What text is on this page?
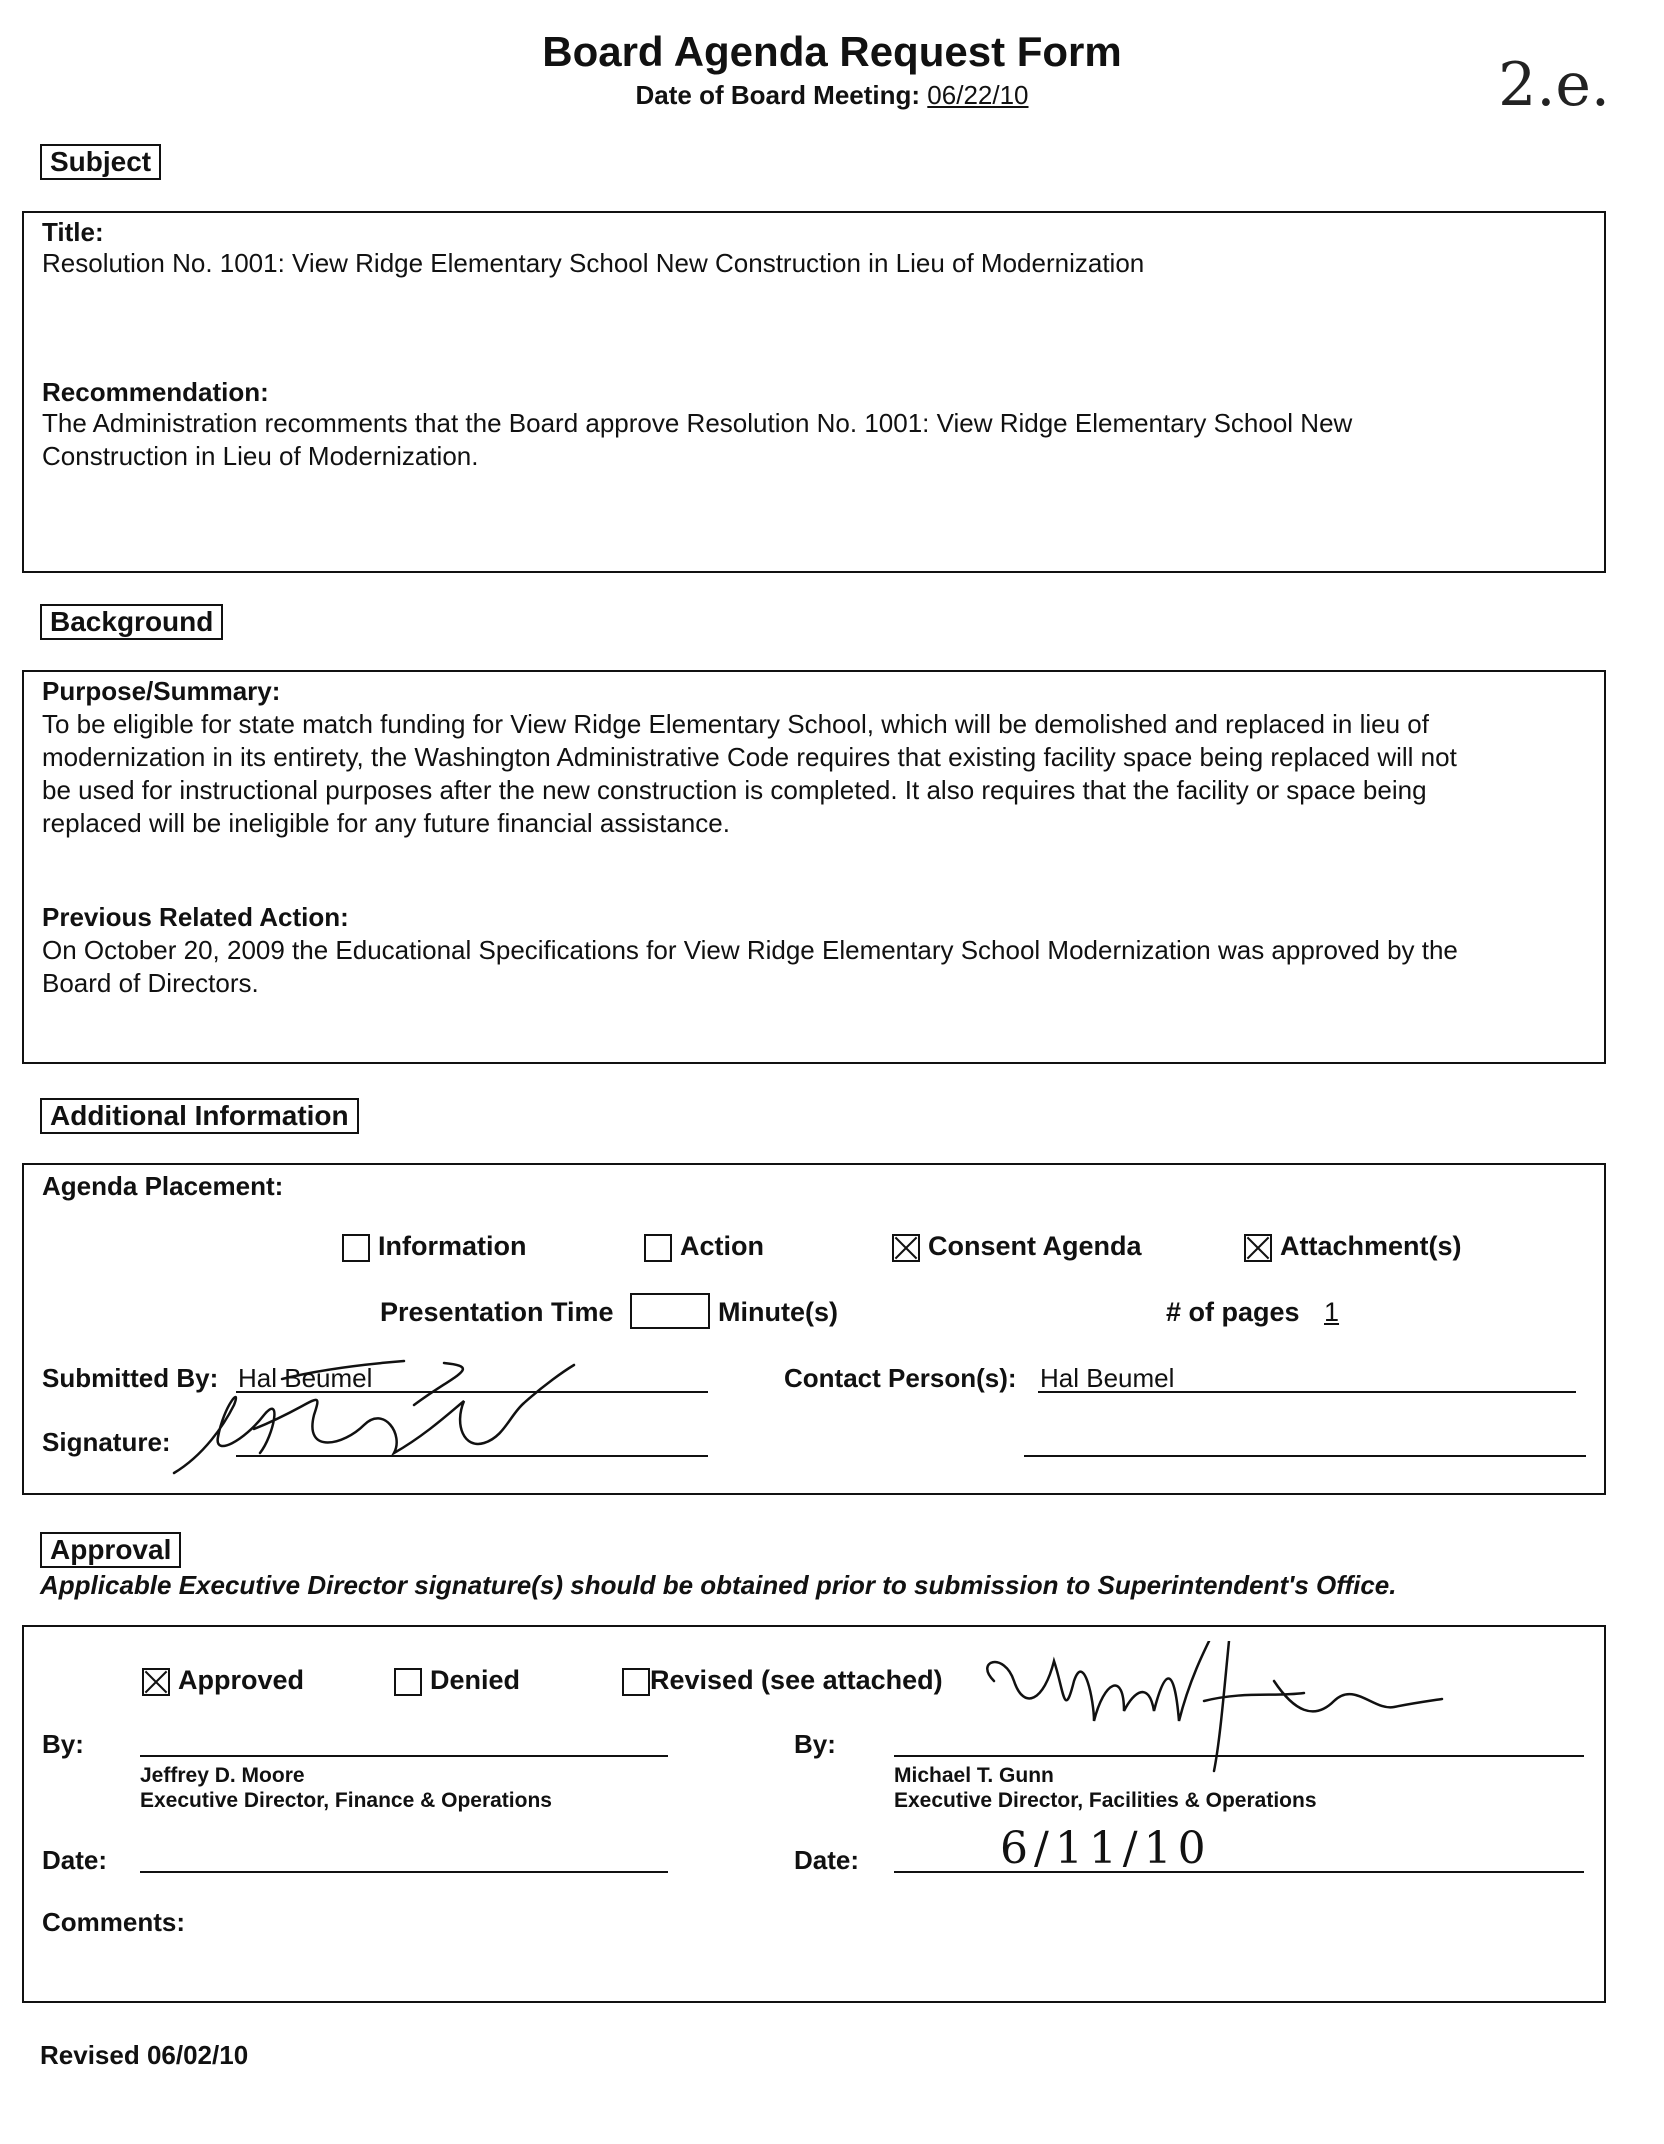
Board Agenda Request Form
Date of Board Meeting: 06/22/10	2.e.
Subject
Title:
Resolution No. 1001: View Ridge Elementary School New Construction in Lieu of Modernization
Recommendation:
The Administration recomments that the Board approve Resolution No. 1001: View Ridge Elementary School New
Construction in Lieu of Modernization.
Background
Purpose/Summary:
To be eligible for state match funding for View Ridge Elementary School, which will be demolished and replaced in lieu of
modernization in its entirety, the Washington Administrative Code requires that existing facility space being replaced will not
be used for instructional purposes after the new construction is completed. It also requires that the facility or space being
replaced will be ineligible for any future financial assistance.
Previous Related Action:
On October 20, 2009 the Educational Specifications for View Ridge Elementary School Modernization was approved by the
Board of Directors.
Additional Information
Agenda Placement:
Information	Action	Consent Agenda	Attachment(s)
Presentation Time	Minute(s)	# of pages 1
Submitted By: Hal Beumel	Contact Person(s): Hal Beumel
Signature:
Approval
Applicable Executive Director signature(s) should be obtained prior to submission to Superintendent's Office.
Approved	Denied	Revised (see attached)
By:
Jeffrey D. Moore
Executive Director, Finance & Operations
By:
Michael T. Gunn
Executive Director, Facilities & Operations
Date:	Date:	6/11/10
Comments:
Revised 06/02/10
